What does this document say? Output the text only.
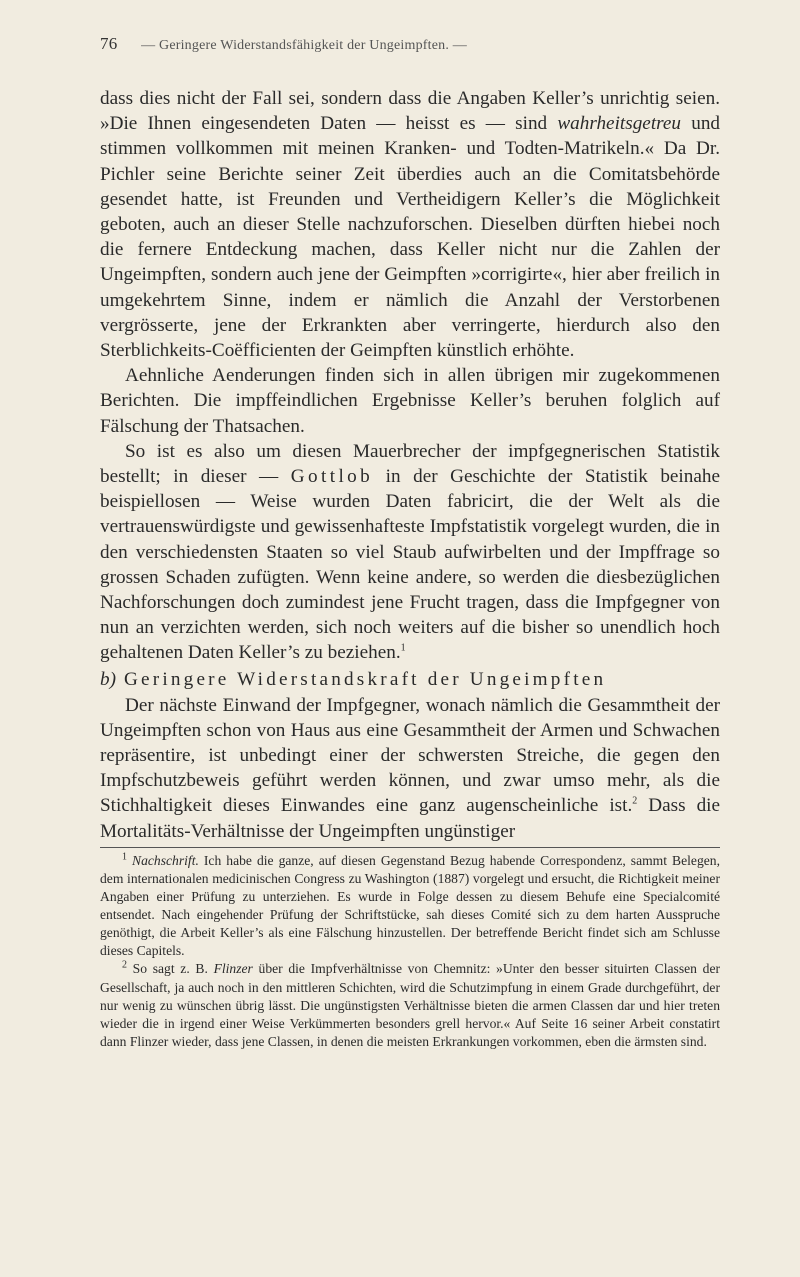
76 — Geringere Widerstandsfähigkeit der Ungeimpften. —

dass dies nicht der Fall sei, sondern dass die Angaben Keller’s unrichtig seien. »Die Ihnen eingesendeten Daten — heisst es — sind wahrheitsgetreu und stimmen vollkommen mit meinen Kranken- und Todten-Matrikeln.« Da Dr. Pichler seine Berichte seiner Zeit überdies auch an die Comitatsbehörde gesendet hatte, ist Freunden und Vertheidigern Keller’s die Möglichkeit geboten, auch an dieser Stelle nachzuforschen. Dieselben dürften hiebei noch die fernere Entdeckung machen, dass Keller nicht nur die Zahlen der Ungeimpften, sondern auch jene der Geimpften »corrigirte«, hier aber freilich in umgekehrtem Sinne, indem er nämlich die Anzahl der Verstorbenen vergrösserte, jene der Erkrankten aber verringerte, hierdurch also den Sterblichkeits-Coëfficienten der Geimpften künstlich erhöhte.

Aehnliche Aenderungen finden sich in allen übrigen mir zugekommenen Berichten. Die impffeindlichen Ergebnisse Keller’s beruhen folglich auf Fälschung der Thatsachen.

So ist es also um diesen Mauerbrecher der impfgegnerischen Statistik bestellt; in dieser — Gottlob in der Geschichte der Statistik beinahe beispiellosen — Weise wurden Daten fabricirt, die der Welt als die vertrauenswürdigste und gewissenhafteste Impfstatistik vorgelegt wurden, die in den verschiedensten Staaten so viel Staub aufwirbelten und der Impffrage so grossen Schaden zufügten. Wenn keine andere, so werden die diesbezüglichen Nachforschungen doch zumindest jene Frucht tragen, dass die Impfgegner von nun an verzichten werden, sich noch weiters auf die bisher so unendlich hoch gehaltenen Daten Keller’s zu beziehen.$^1$

b) Geringere Widerstandskraft der Ungeimpften

Der nächste Einwand der Impfgegner, wonach nämlich die Gesammtheit der Ungeimpften schon von Haus aus eine Gesammtheit der Armen und Schwachen repräsentire, ist unbedingt einer der schwersten Streiche, die gegen den Impfschutzbeweis geführt werden können, und zwar umso mehr, als die Stichhaltigkeit dieses Einwandes eine ganz augenscheinliche ist.$^2$ Dass die Mortalitäts-Verhältnisse der Ungeimpften ungünstiger

$^1$ Nachschrift. Ich habe die ganze, auf diesen Gegenstand Bezug habende Correspondenz, sammt Belegen, dem internationalen medicinischen Congress zu Washington (1887) vorgelegt und ersucht, die Richtigkeit meiner Angaben einer Prüfung zu unterziehen. Es wurde in Folge dessen zu diesem Behufe eine Specialcomité entsendet. Nach eingehender Prüfung der Schriftstücke, sah dieses Comité sich zu dem harten Ausspruche genöthigt, die Arbeit Keller’s als eine Fälschung hinzustellen. Der betreffende Bericht findet sich am Schlusse dieses Capitels.

$^2$ So sagt z. B. Flinzer über die Impfverhältnisse von Chemnitz: »Unter den besser situirten Classen der Gesellschaft, ja auch noch in den mittleren Schichten, wird die Schutzimpfung in einem Grade durchgeführt, der nur wenig zu wünschen übrig lässt. Die ungünstigsten Verhältnisse bieten die armen Classen dar und hier treten wieder die in irgend einer Weise Verkümmerten besonders grell hervor.« Auf Seite 16 seiner Arbeit constatirt dann Flinzer wieder, dass jene Classen, in denen die meisten Erkrankungen vorkommen, eben die ärmsten sind.
